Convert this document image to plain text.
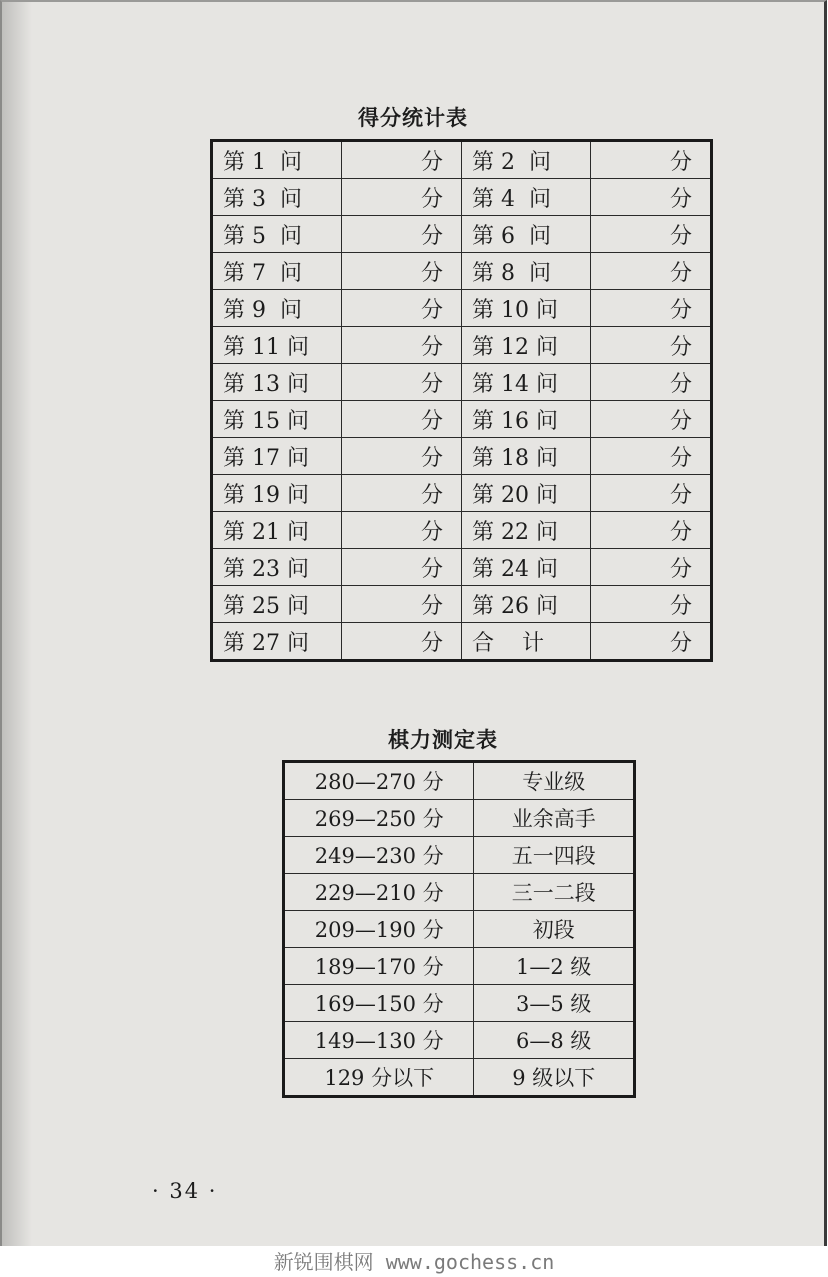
得分统计表
第 1  问	分	第 2  问	分
第 3  问	分	第 4  问	分
第 5  问	分	第 6  问	分
第 7  问	分	第 8  问	分
第 9  问	分	第 10 问	分
第 11 问	分	第 12 问	分
第 13 问	分	第 14 问	分
第 15 问	分	第 16 问	分
第 17 问	分	第 18 问	分
第 19 问	分	第 20 问	分
第 21 问	分	第 22 问	分
第 23 问	分	第 24 问	分
第 25 问	分	第 26 问	分
第 27 问	分	合    计	分
棋力测定表
280—270 分	专业级
269—250 分	业余高手
249—230 分	五一四段
229—210 分	三一二段
209—190 分	初段
189—170 分	1—2 级
169—150 分	3—5 级
149—130 分	6—8 级
129 分以下	9 级以下
· 34 ·
新锐围棋网 www.gochess.cn
